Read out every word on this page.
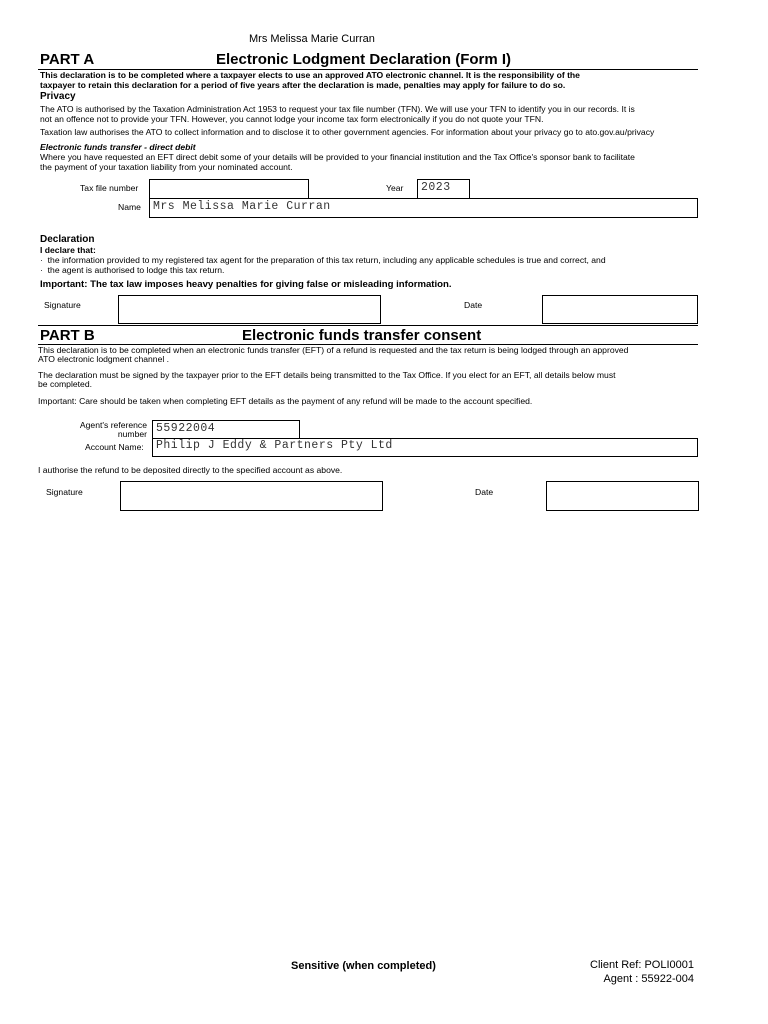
Mrs Melissa Marie Curran
PART A	Electronic Lodgment Declaration (Form I)
This declaration is to be completed where a taxpayer elects to use an approved ATO electronic channel. It is the responsibility of the
taxpayer to retain this declaration for a period of five years after the declaration is made, penalties may apply for failure to do so.
Privacy
The ATO is authorised by the Taxation Administration Act 1953 to request your tax file number (TFN). We will use your TFN to identify you in our records. It is
not an offence not to provide your TFN. However, you cannot lodge your income tax form electronically if you do not quote your TFN.
Taxation law authorises the ATO to collect information and to disclose it to other government agencies. For information about your privacy go to ato.gov.au/privacy
Electronic funds transfer - direct debit
Where you have requested an EFT direct debit some of your details will be provided to your financial institution and the Tax Office's sponsor bank to facilitate
the payment of your taxation liability from your nominated account.
Tax file number	Year 2023
Name Mrs Melissa Marie Curran
Declaration
I declare that:
· the information provided to my registered tax agent for the preparation of this tax return, including any applicable schedules is true and correct, and
· the agent is authorised to lodge this tax return.
Important: The tax law imposes heavy penalties for giving false or misleading information.
Signature	Date
PART B	Electronic funds transfer consent
This declaration is to be completed when an electronic funds transfer (EFT) of a refund is requested and the tax return is being lodged through an approved
ATO electronic lodgment channel .
The declaration must be signed by the taxpayer prior to the EFT details being transmitted to the Tax Office. If you elect for an EFT, all details below must
be completed.
Important: Care should be taken when completing EFT details as the payment of any refund will be made to the account specified.
Agent's reference
number 55922004
Account Name: Philip J Eddy & Partners Pty Ltd
I authorise the refund to be deposited directly to the specified account as above.
Signature	Date
Sensitive (when completed)	Client Ref: POLI0001
Agent : 55922-004
